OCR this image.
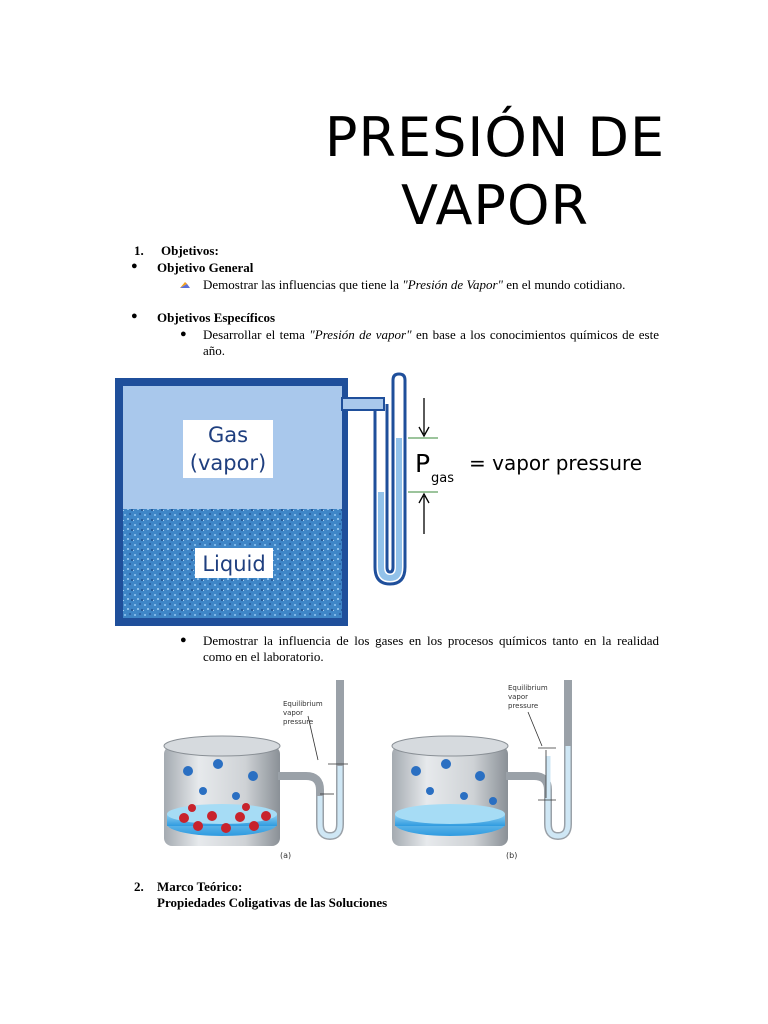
PRESIÓN DE
VAPOR
1. Objetivos:
● Objetivo General
Demostrar las influencias que tiene la "Presión de Vapor" en el mundo cotidiano.
● Objetivos Específicos
● Desarrollar el tema "Presión de vapor" en base a los conocimientos químicos de este año.
Gas
(vapor)
Liquid
P
gas
= vapor pressure
● Demostrar la influencia de los gases en los procesos químicos tanto en la realidad como en el laboratorio.
Equilibrium
vapor
pressure
(a)
Equilibrium
vapor
pressure
(b)
2. Marco Teórico:
Propiedades Coligativas de las Soluciones
